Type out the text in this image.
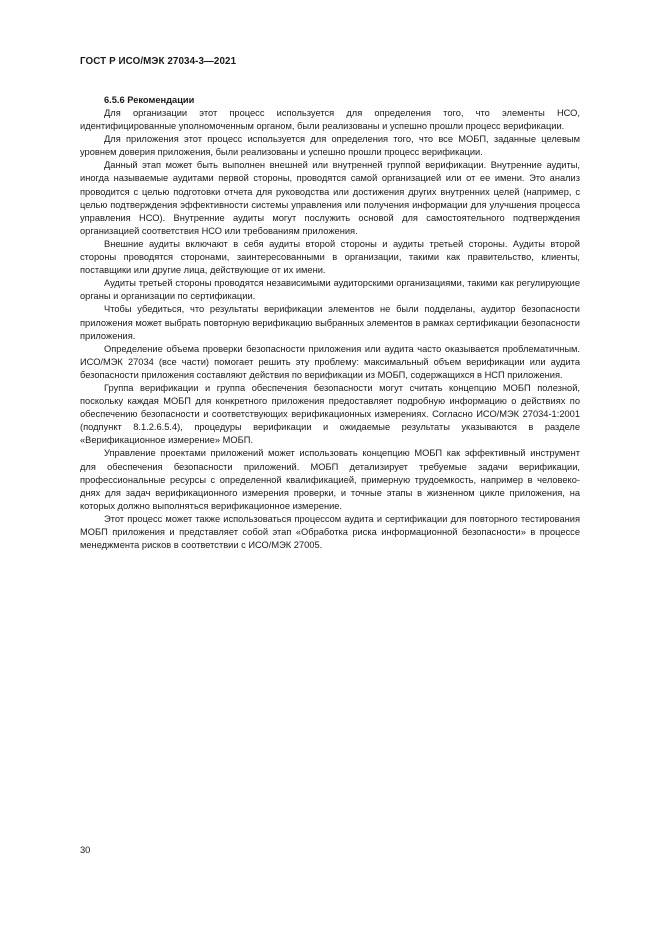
ГОСТ Р ИСО/МЭК 27034-3—2021
6.5.6 Рекомендации

Для организации этот процесс используется для определения того, что элементы НСО, идентифицированные уполномоченным органом, были реализованы и успешно прошли процесс верификации.

Для приложения этот процесс используется для определения того, что все МОБП, заданные целевым уровнем доверия приложения, были реализованы и успешно прошли процесс верификации.

Данный этап может быть выполнен внешней или внутренней группой верификации. Внутренние аудиты, иногда называемые аудитами первой стороны, проводятся самой организацией или от ее имени. Это анализ проводится с целью подготовки отчета для руководства или достижения других внутренних целей (например, с целью подтверждения эффективности системы управления или получения информации для улучшения процесса управления НСО). Внутренние аудиты могут послужить основой для самостоятельного подтверждения организацией соответствия НСО или требованиям приложения.

Внешние аудиты включают в себя аудиты второй стороны и аудиты третьей стороны. Аудиты второй стороны проводятся сторонами, заинтересованными в организации, такими как правительство, клиенты, поставщики или другие лица, действующие от их имени.

Аудиты третьей стороны проводятся независимыми аудиторскими организациями, такими как регулирующие органы и организации по сертификации.

Чтобы убедиться, что результаты верификации элементов не были подделаны, аудитор безопасности приложения может выбрать повторную верификацию выбранных элементов в рамках сертификации безопасности приложения.

Определение объема проверки безопасности приложения или аудита часто оказывается проблематичным. ИСО/МЭК 27034 (все части) помогает решить эту проблему: максимальный объем верификации или аудита безопасности приложения составляют действия по верификации из МОБП, содержащихся в НСП приложения.

Группа верификации и группа обеспечения безопасности могут считать концепцию МОБП полезной, поскольку каждая МОБП для конкретного приложения предоставляет подробную информацию о действиях по обеспечению безопасности и соответствующих верификационных измерениях. Согласно ИСО/МЭК 27034-1:2001 (подпункт 8.1.2.6.5.4), процедуры верификации и ожидаемые результаты указываются в разделе «Верификационное измерение» МОБП.

Управление проектами приложений может использовать концепцию МОБП как эффективный инструмент для обеспечения безопасности приложений. МОБП детализирует требуемые задачи верификации, профессиональные ресурсы с определенной квалификацией, примерную трудоемкость, например в человеко-днях для задач верификационного измерения проверки, и точные этапы в жизненном цикле приложения, на которых должно выполняться верификационное измерение.

Этот процесс может также использоваться процессом аудита и сертификации для повторного тестирования МОБП приложения и представляет собой этап «Обработка риска информационной безопасности» в процессе менеджмента рисков в соответствии с ИСО/МЭК 27005.

30
